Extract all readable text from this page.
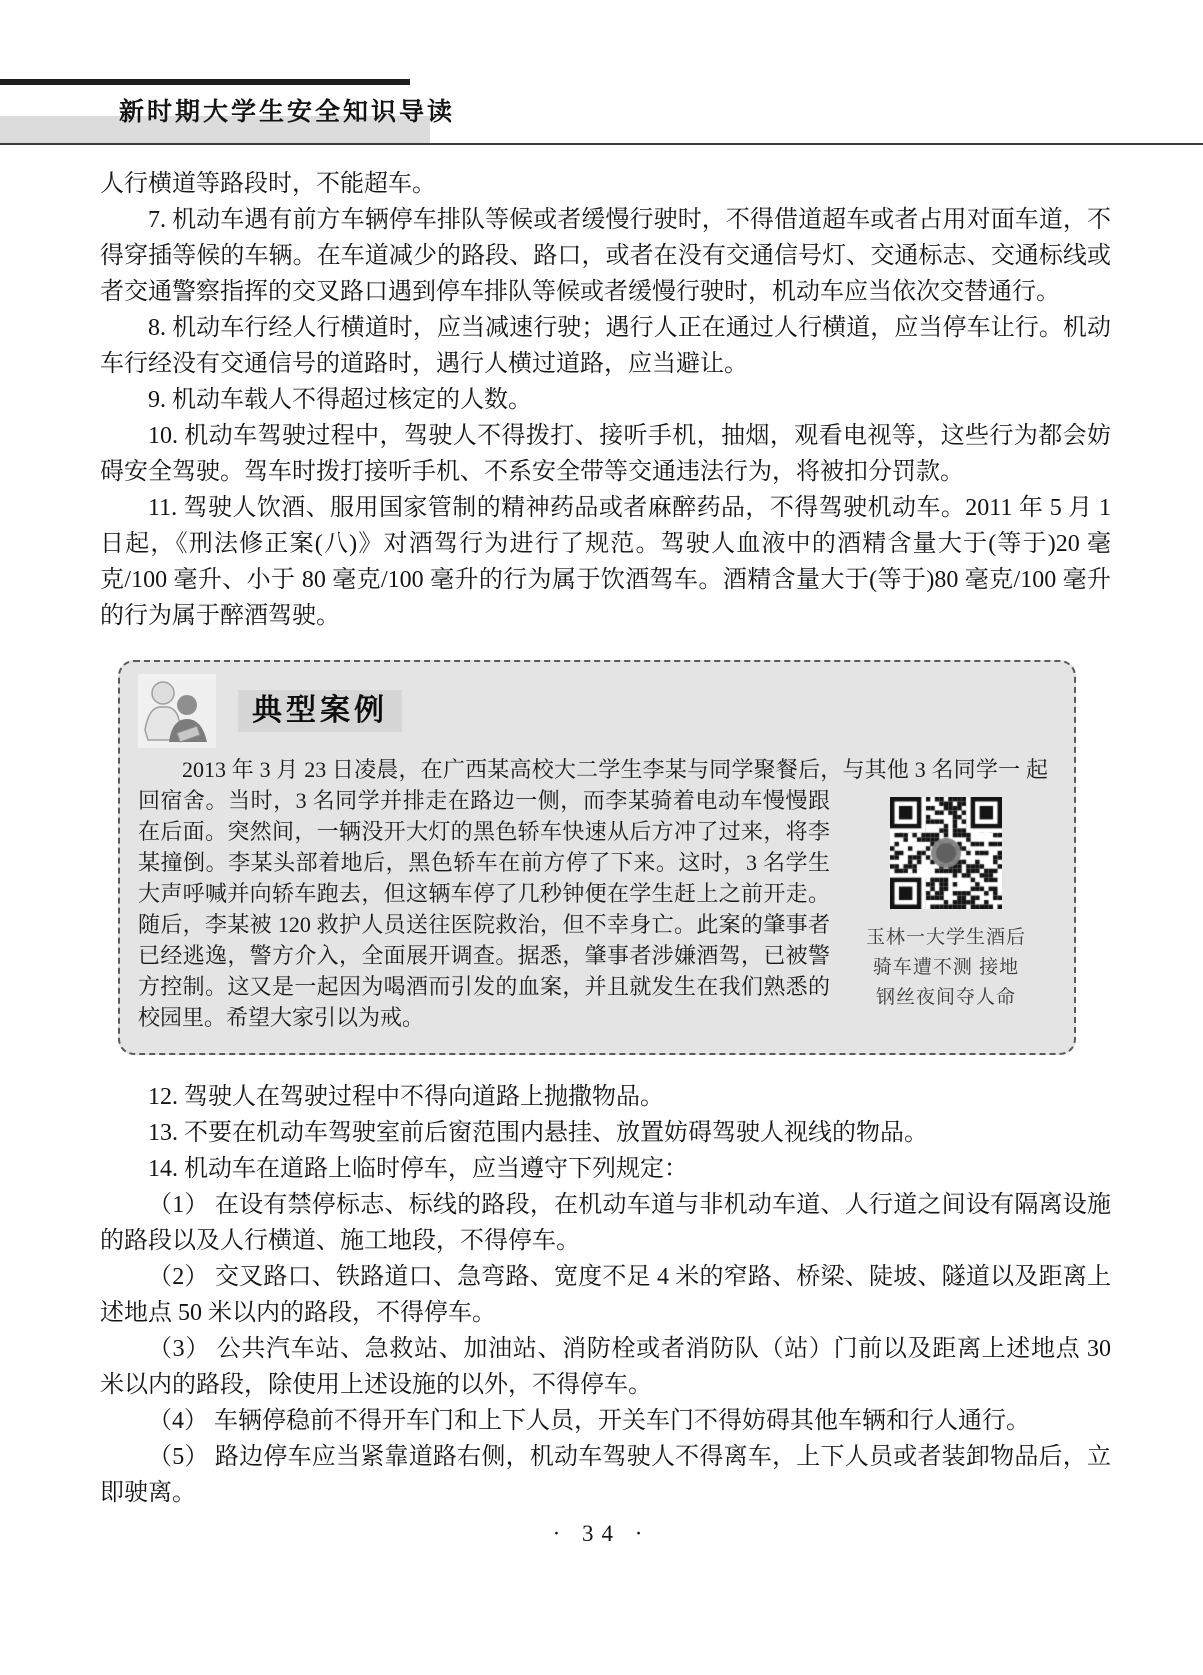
新时期大学生安全知识导读

人行横道等路段时，不能超车。

7. 机动车遇有前方车辆停车排队等候或者缓慢行驶时，不得借道超车或者占用对面车道，不得穿插等候的车辆。在车道减少的路段、路口，或者在没有交通信号灯、交通标志、交通标线或者交通警察指挥的交叉路口遇到停车排队等候或者缓慢行驶时，机动车应当依次交替通行。

8. 机动车行经人行横道时，应当减速行驶；遇行人正在通过人行横道，应当停车让行。机动车行经没有交通信号的道路时，遇行人横过道路，应当避让。

9. 机动车载人不得超过核定的人数。

10. 机动车驾驶过程中，驾驶人不得拨打、接听手机，抽烟，观看电视等，这些行为都会妨碍安全驾驶。驾车时拨打接听手机、不系安全带等交通违法行为，将被扣分罚款。

11. 驾驶人饮酒、服用国家管制的精神药品或者麻醉药品，不得驾驶机动车。2011 年 5 月 1 日起，《刑法修正案(八)》对酒驾行为进行了规范。驾驶人血液中的酒精含量大于(等于)20 毫克/100 毫升、小于 80 毫克/100 毫升的行为属于饮酒驾车。酒精含量大于(等于)80 毫克/100 毫升的行为属于醉酒驾驶。

典型案例

2013 年 3 月 23 日凌晨，在广西某高校大二学生李某与同学聚餐后，与其他 3 名同学一
玉林一大学生酒后
骑车遭不测 接地
钢丝夜间夺人命
起回宿舍。当时，3 名同学并排走在路边一侧，而李某骑着电动车慢慢跟在后面。突然间，一辆没开大灯的黑色轿车快速从后方冲了过来，将李某撞倒。李某头部着地后，黑色轿车在前方停了下来。这时，3 名学生大声呼喊并向轿车跑去，但这辆车停了几秒钟便在学生赶上之前开走。随后，李某被 120 救护人员送往医院救治，但不幸身亡。此案的肇事者已经逃逸，警方介入，全面展开调查。据悉，肇事者涉嫌酒驾，已被警方控制。这又是一起因为喝酒而引发的血案，并且就发生在我们熟悉的校园里。希望大家引以为戒。

12. 驾驶人在驾驶过程中不得向道路上抛撒物品。

13. 不要在机动车驾驶室前后窗范围内悬挂、放置妨碍驾驶人视线的物品。

14. 机动车在道路上临时停车，应当遵守下列规定：

（1） 在设有禁停标志、标线的路段，在机动车道与非机动车道、人行道之间设有隔离设施的路段以及人行横道、施工地段，不得停车。

（2） 交叉路口、铁路道口、急弯路、宽度不足 4 米的窄路、桥梁、陡坡、隧道以及距离上述地点 50 米以内的路段，不得停车。

（3） 公共汽车站、急救站、加油站、消防栓或者消防队（站）门前以及距离上述地点 30 米以内的路段，除使用上述设施的以外，不得停车。

（4） 车辆停稳前不得开车门和上下人员，开关车门不得妨碍其他车辆和行人通行。

（5） 路边停车应当紧靠道路右侧，机动车驾驶人不得离车，上下人员或者装卸物品后，立即驶离。

· 34 ·
